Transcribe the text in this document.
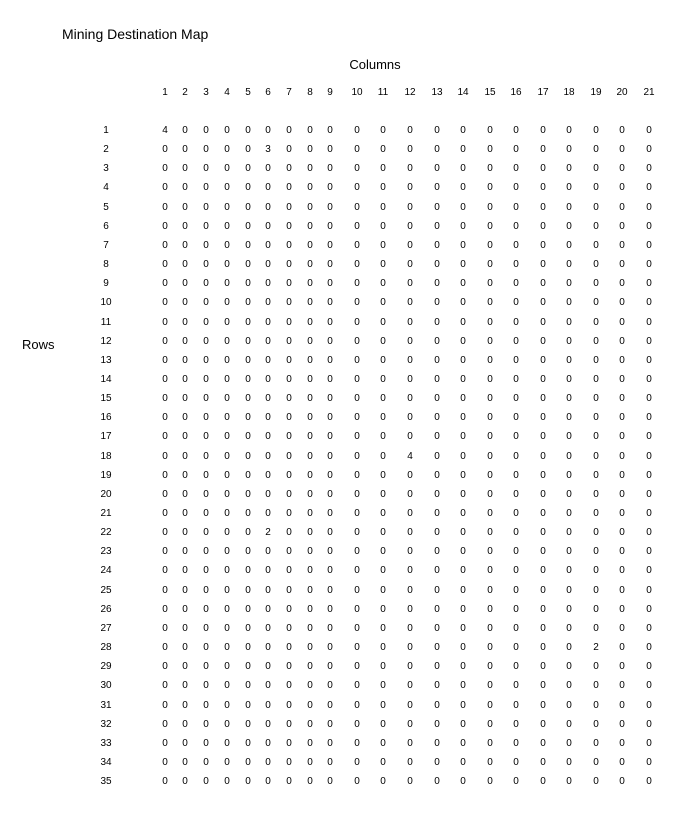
Mining Destination Map
Columns
Rows
1	2	3	4	5	6	7	8	9	10	11	12	13	14	15	16	17	18	19	20	21
1	4	0	0	0	0	0	0	0	0	0	0	0	0	0	0	0	0	0	0	0	0
2	0	0	0	0	0	3	0	0	0	0	0	0	0	0	0	0	0	0	0	0	0
3	0	0	0	0	0	0	0	0	0	0	0	0	0	0	0	0	0	0	0	0	0
4	0	0	0	0	0	0	0	0	0	0	0	0	0	0	0	0	0	0	0	0	0
5	0	0	0	0	0	0	0	0	0	0	0	0	0	0	0	0	0	0	0	0	0
6	0	0	0	0	0	0	0	0	0	0	0	0	0	0	0	0	0	0	0	0	0
7	0	0	0	0	0	0	0	0	0	0	0	0	0	0	0	0	0	0	0	0	0
8	0	0	0	0	0	0	0	0	0	0	0	0	0	0	0	0	0	0	0	0	0
9	0	0	0	0	0	0	0	0	0	0	0	0	0	0	0	0	0	0	0	0	0
10	0	0	0	0	0	0	0	0	0	0	0	0	0	0	0	0	0	0	0	0	0
11	0	0	0	0	0	0	0	0	0	0	0	0	0	0	0	0	0	0	0	0	0
12	0	0	0	0	0	0	0	0	0	0	0	0	0	0	0	0	0	0	0	0	0
13	0	0	0	0	0	0	0	0	0	0	0	0	0	0	0	0	0	0	0	0	0
14	0	0	0	0	0	0	0	0	0	0	0	0	0	0	0	0	0	0	0	0	0
15	0	0	0	0	0	0	0	0	0	0	0	0	0	0	0	0	0	0	0	0	0
16	0	0	0	0	0	0	0	0	0	0	0	0	0	0	0	0	0	0	0	0	0
17	0	0	0	0	0	0	0	0	0	0	0	0	0	0	0	0	0	0	0	0	0
18	0	0	0	0	0	0	0	0	0	0	0	4	0	0	0	0	0	0	0	0	0
19	0	0	0	0	0	0	0	0	0	0	0	0	0	0	0	0	0	0	0	0	0
20	0	0	0	0	0	0	0	0	0	0	0	0	0	0	0	0	0	0	0	0	0
21	0	0	0	0	0	0	0	0	0	0	0	0	0	0	0	0	0	0	0	0	0
22	0	0	0	0	0	2	0	0	0	0	0	0	0	0	0	0	0	0	0	0	0
23	0	0	0	0	0	0	0	0	0	0	0	0	0	0	0	0	0	0	0	0	0
24	0	0	0	0	0	0	0	0	0	0	0	0	0	0	0	0	0	0	0	0	0
25	0	0	0	0	0	0	0	0	0	0	0	0	0	0	0	0	0	0	0	0	0
26	0	0	0	0	0	0	0	0	0	0	0	0	0	0	0	0	0	0	0	0	0
27	0	0	0	0	0	0	0	0	0	0	0	0	0	0	0	0	0	0	0	0	0
28	0	0	0	0	0	0	0	0	0	0	0	0	0	0	0	0	0	0	2	0	0
29	0	0	0	0	0	0	0	0	0	0	0	0	0	0	0	0	0	0	0	0	0
30	0	0	0	0	0	0	0	0	0	0	0	0	0	0	0	0	0	0	0	0	0
31	0	0	0	0	0	0	0	0	0	0	0	0	0	0	0	0	0	0	0	0	0
32	0	0	0	0	0	0	0	0	0	0	0	0	0	0	0	0	0	0	0	0	0
33	0	0	0	0	0	0	0	0	0	0	0	0	0	0	0	0	0	0	0	0	0
34	0	0	0	0	0	0	0	0	0	0	0	0	0	0	0	0	0	0	0	0	0
35	0	0	0	0	0	0	0	0	0	0	0	0	0	0	0	0	0	0	0	0	0
